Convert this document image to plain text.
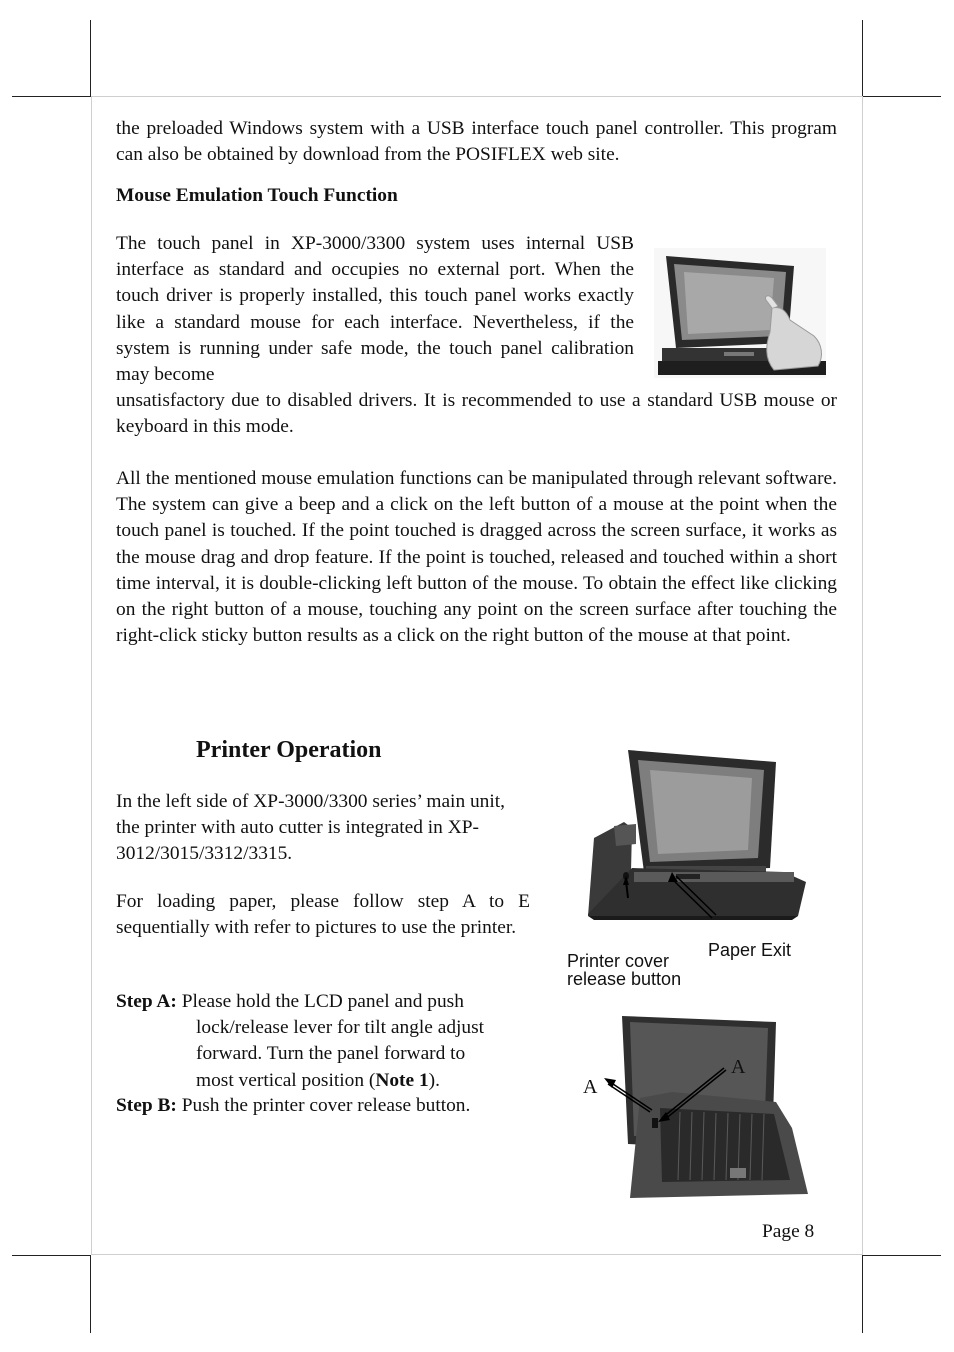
the preloaded Windows system with a USB interface touch panel controller. This program can also be obtained by download from the POSIFLEX web site.

Mouse Emulation Touch Function

The touch panel in XP-3000/3300 system uses internal USB interface as standard and occupies no external port. When the touch driver is properly installed, this touch panel works exactly like a standard mouse for each interface. Nevertheless, if the system is running under safe mode, the touch panel calibration may become

unsatisfactory due to disabled drivers. It is recommended to use a standard USB mouse or keyboard in this mode.

All the mentioned mouse emulation functions can be manipulated through relevant software. The system can give a beep and a click on the left button of a mouse at the point when the touch panel is touched. If the point touched is dragged across the screen surface, it works as the mouse drag and drop feature. If the point is touched, released and touched within a short time interval, it is double-clicking left button of the mouse. To obtain the effect like clicking on the right button of a mouse, touching any point on the screen surface after touching the right-click sticky button results as a click on the right button of the mouse at that point.

Printer Operation

In the left side of XP-3000/3300 series’ main unit, the printer with auto cutter is integrated in XP-3012/3015/3312/3315.

For loading paper, please follow step A to E sequentially with refer to pictures to use the printer.

Step A: Please hold the LCD panel and push
lock/release lever for tilt angle adjust
forward. Turn the panel forward to
most vertical position (Note 1).
Step B: Push the printer cover release button.
Printer cover
release button
Paper Exit
A
A
Page 8
